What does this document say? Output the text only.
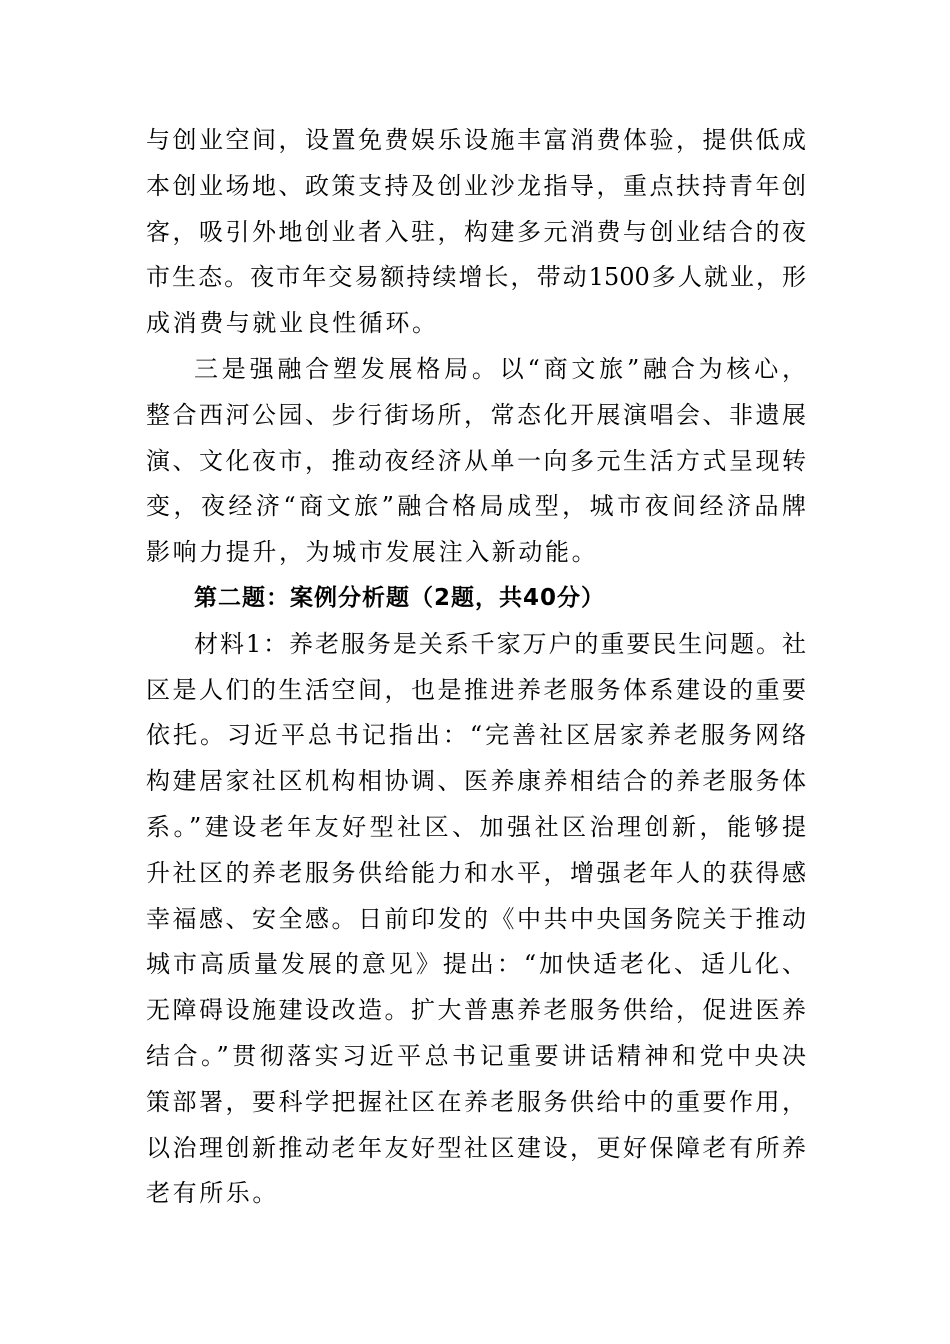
与创业空间，设置免费娱乐设施丰富消费体验，提供低成
本创业场地、政策支持及创业沙龙指导，重点扶持青年创
客，吸引外地创业者入驻，构建多元消费与创业结合的夜
市生态。夜市年交易额持续增长，带动1500多人就业，形
成消费与就业良性循环。
三是强融合塑发展格局。以“商文旅”融合为核心，
整合西河公园、步行街场所，常态化开展演唱会、非遗展
演、文化夜市，推动夜经济从单一向多元生活方式呈现转
变，夜经济“商文旅”融合格局成型，城市夜间经济品牌
影响力提升，为城市发展注入新动能。
第二题：案例分析题（2题，共40分）
材料1：养老服务是关系千家万户的重要民生问题。社
区是人们的生活空间，也是推进养老服务体系建设的重要
依托。习近平总书记指出：“完善社区居家养老服务网络
构建居家社区机构相协调、医养康养相结合的养老服务体
系。”建设老年友好型社区、加强社区治理创新，能够提
升社区的养老服务供给能力和水平，增强老年人的获得感
幸福感、安全感。日前印发的《中共中央国务院关于推动
城市高质量发展的意见》提出：“加快适老化、适儿化、
无障碍设施建设改造。扩大普惠养老服务供给，促进医养
结合。”贯彻落实习近平总书记重要讲话精神和党中央决
策部署，要科学把握社区在养老服务供给中的重要作用，
以治理创新推动老年友好型社区建设，更好保障老有所养
老有所乐。
